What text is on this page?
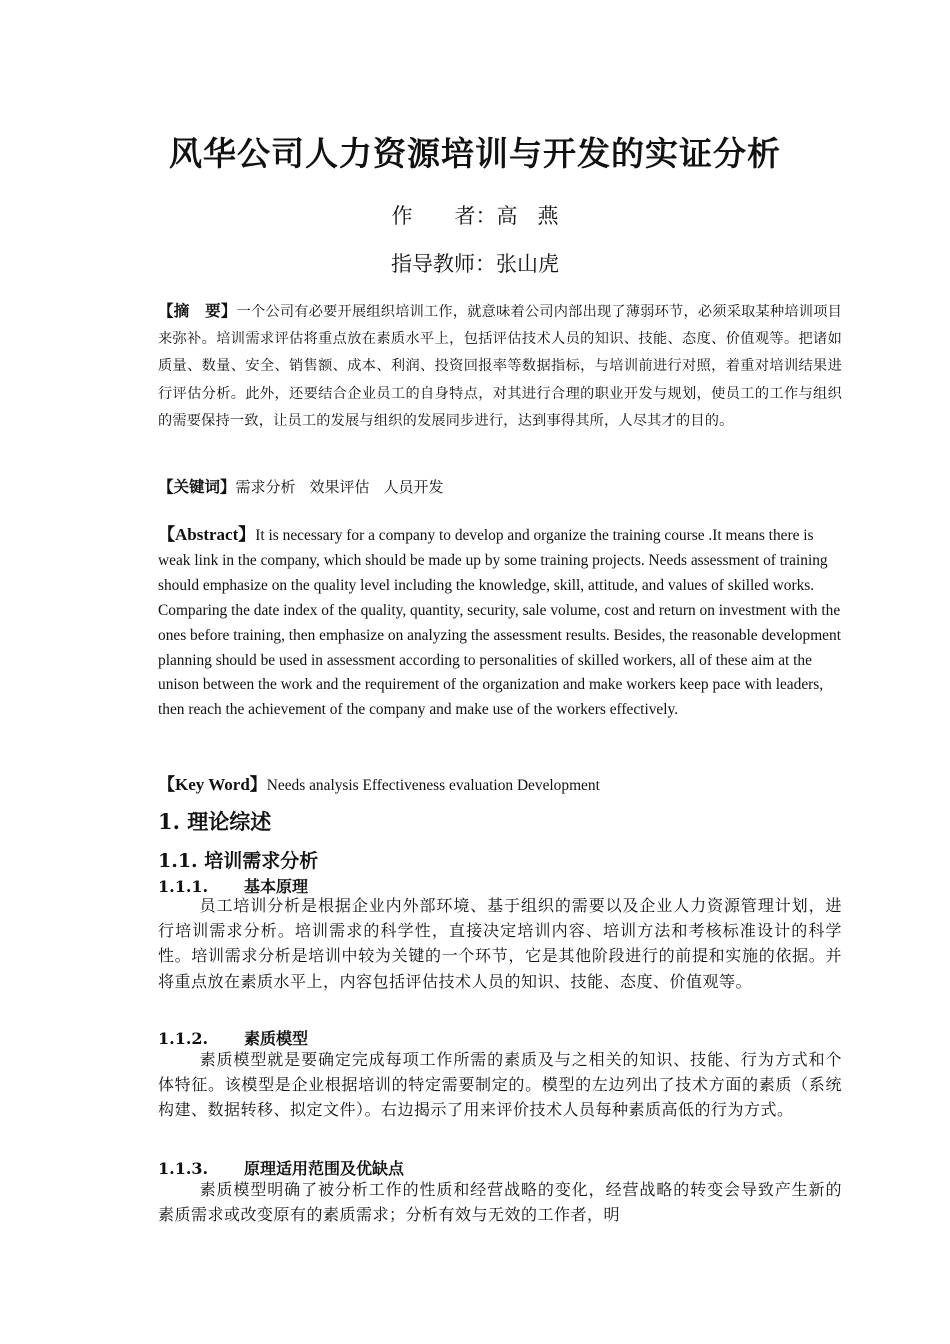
风华公司人力资源培训与开发的实证分析
作 者：高 燕
指导教师：张山虎
【摘　要】一个公司有必要开展组织培训工作，就意味着公司内部出现了薄弱环节，必须采取某种培训项目来弥补。培训需求评估将重点放在素质水平上，包括评估技术人员的知识、技能、态度、价值观等。把诸如质量、数量、安全、销售额、成本、利润、投资回报率等数据指标，与培训前进行对照，着重对培训结果进行评估分析。此外，还要结合企业员工的自身特点，对其进行合理的职业开发与规划，使员工的工作与组织的需要保持一致，让员工的发展与组织的发展同步进行，达到事得其所，人尽其才的目的。
【关键词】需求分析 效果评估 人员开发
【Abstract】It is necessary for a company to develop and organize the training course .It means there is weak link in the company, which should be made up by some training projects. Needs assessment of training should emphasize on the quality level including the knowledge, skill, attitude, and values of skilled works. Comparing the date index of the quality, quantity, security, sale volume, cost and return on investment with the ones before training, then emphasize on analyzing the assessment results. Besides, the reasonable development planning should be used in assessment according to personalities of skilled workers, all of these aim at the unison between the work and the requirement of the organization and make workers keep pace with leaders, then reach the achievement of the company and make use of the workers effectively.
【Key Word】Needs analysis Effectiveness evaluation Development
1. 理论综述
1.1. 培训需求分析
1.1.1. 基本原理
员工培训分析是根据企业内外部环境、基于组织的需要以及企业人力资源管理计划，进行培训需求分析。培训需求的科学性，直接决定培训内容、培训方法和考核标准设计的科学性。培训需求分析是培训中较为关键的一个环节，它是其他阶段进行的前提和实施的依据。并将重点放在素质水平上，内容包括评估技术人员的知识、技能、态度、价值观等。
1.1.2. 素质模型
素质模型就是要确定完成每项工作所需的素质及与之相关的知识、技能、行为方式和个体特征。该模型是企业根据培训的特定需要制定的。模型的左边列出了技术方面的素质（系统构建、数据转移、拟定文件）。右边揭示了用来评价技术人员每种素质高低的行为方式。
1.1.3. 原理适用范围及优缺点
素质模型明确了被分析工作的性质和经营战略的变化，经营战略的转变会导致产生新的素质需求或改变原有的素质需求；分析有效与无效的工作者，明
